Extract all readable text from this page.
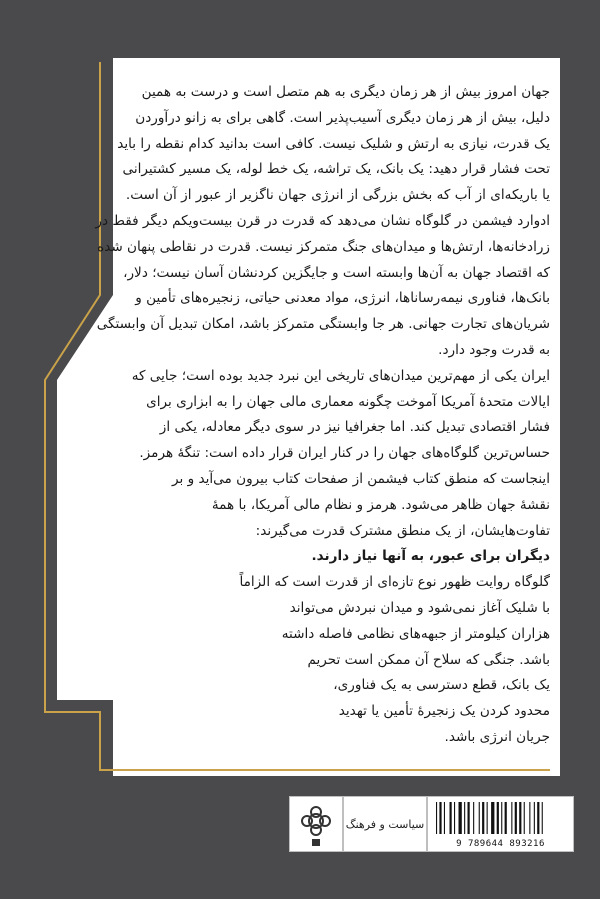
جهان امروز بیش از هر زمان دیگری به هم متصل است و درست به همین
دلیل، بیش از هر زمان دیگری آسیب‌پذیر است. گاهی برای به زانو درآوردن
یک قدرت، نیازی به ارتش و شلیک نیست. کافی است بدانید کدام نقطه را باید
تحت فشار قرار دهید: یک بانک، یک تراشه، یک خط لوله، یک مسیر کشتیرانی
یا باریکه‌ای از آب که بخش بزرگی از انرژی جهان ناگزیر از عبور از آن است.
ادوارد فیشمن در گلوگاه نشان می‌دهد که قدرت در قرن بیست‌ویکم دیگر فقط در
زرادخانه‌ها، ارتش‌ها و میدان‌های جنگ متمرکز نیست. قدرت در نقاطی پنهان شده
که اقتصاد جهان به آن‌ها وابسته است و جایگزین کردنشان آسان نیست؛ دلار،
بانک‌ها، فناوری نیمه‌رساناها، انرژی، مواد معدنی حیاتی، زنجیره‌های تأمین و
شریان‌های تجارت جهانی. هر جا وابستگی متمرکز باشد، امکان تبدیل آن وابستگی
به قدرت وجود دارد.
ایران یکی از مهم‌ترین میدان‌های تاریخی این نبرد جدید بوده است؛ جایی که
ایالات متحدهٔ آمریکا آموخت چگونه معماری مالی جهان را به ابزاری برای
فشار اقتصادی تبدیل کند. اما جغرافیا نیز در سوی دیگر معادله، یکی از
حساس‌ترین گلوگاه‌های جهان را در کنار ایران قرار داده است: تنگهٔ هرمز.
اینجاست که منطق کتاب فیشمن از صفحات کتاب بیرون می‌آید و بر
نقشهٔ جهان ظاهر می‌شود. هرمز و نظام مالی آمریکا، با همهٔ
تفاوت‌هایشان، از یک منطق مشترک قدرت می‌گیرند:
دیگران برای عبور، به آنها نیاز دارند.
گلوگاه روایت ظهور نوع تازه‌ای از قدرت است که الزاماً
با شلیک آغاز نمی‌شود و میدان نبردش می‌تواند
هزاران کیلومتر از جبهه‌های نظامی فاصله داشته
باشد. جنگی که سلاح آن ممکن است تحریم
یک بانک، قطع دسترسی به یک فناوری،
محدود کردن یک زنجیرهٔ تأمین یا تهدید
جریان انرژی باشد.
سیاست و فرهنگ
9 789644 893216
